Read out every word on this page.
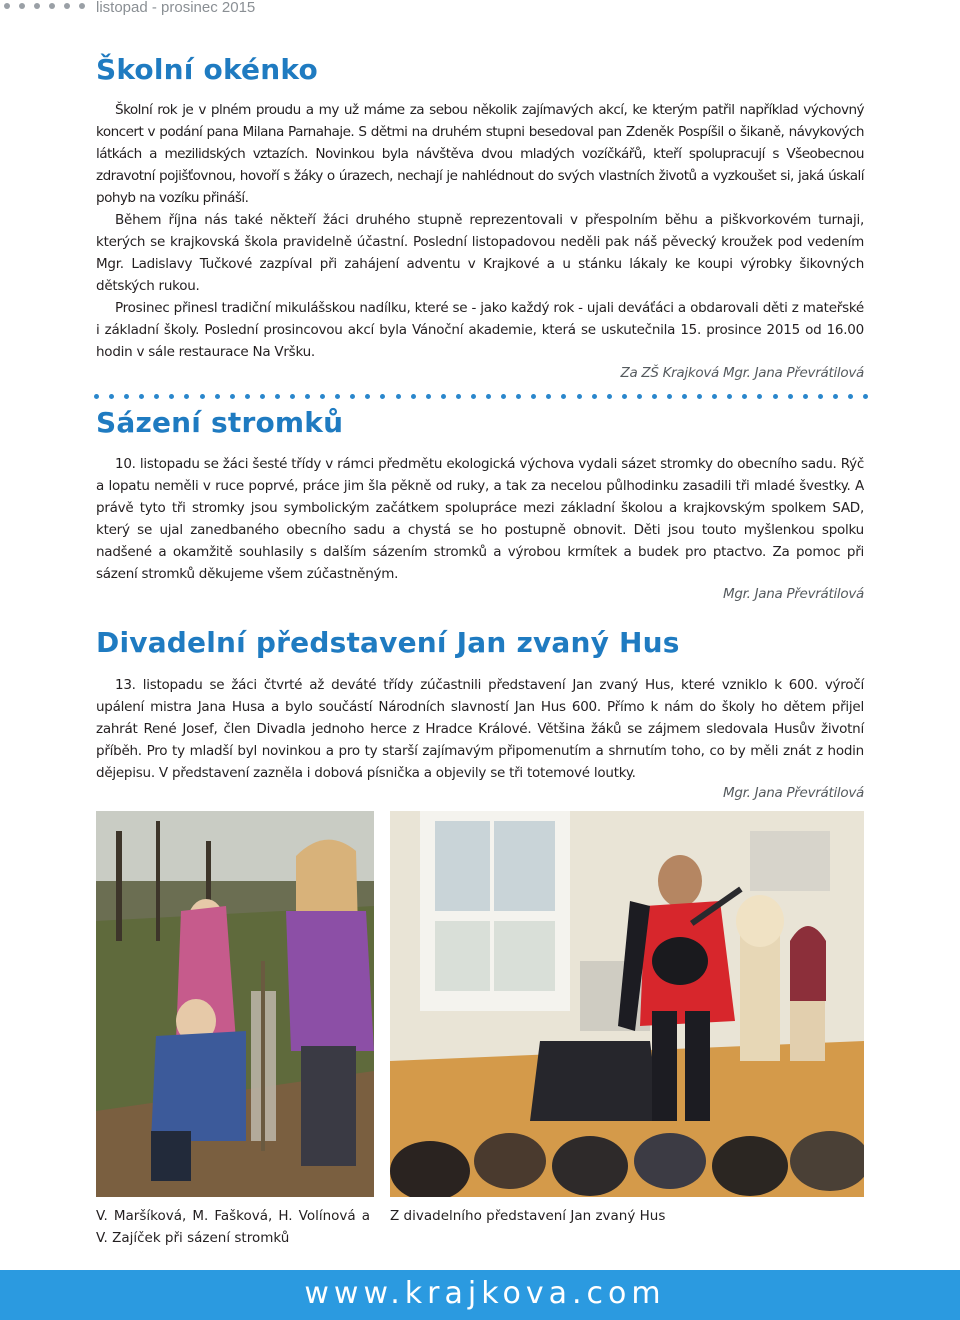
listopad - prosinec 2015
Školní okénko

Školní rok je v plném proudu a my už máme za sebou několik zajímavých akcí, ke kterým patřil například výchovný koncert v podání pana Milana Parnahaje. S dětmi na druhém stupni besedoval pan Zdeněk Pospíšil o šikaně, návykových látkách a mezilidských vztazích. Novinkou byla návštěva dvou mladých vozíčkářů, kteří spolupracují s Všeobecnou zdravotní pojišťovnou, hovoří s žáky o úrazech, nechají je nahlédnout do svých vlastních životů a vyzkoušet si, jaká úskalí pohyb na vozíku přináší.

Během října nás také někteří žáci druhého stupně reprezentovali v přespolním běhu a piškvorkovém turnaji, kterých se krajkovská škola pravidelně účastní. Poslední listopadovou neděli pak náš pěvecký kroužek pod vedením Mgr. Ladislavy Tučkové zazpíval při zahájení adventu v Krajkové a u stánku lákaly ke koupi výrobky šikovných dětských rukou.

Prosinec přinesl tradiční mikulášskou nadílku, které se - jako každý rok - ujali deváťáci a obdarovali děti z mateřské i základní školy. Poslední prosincovou akcí byla Vánoční akademie, která se uskutečnila 15. prosince 2015 od 16.00 hodin v sále restaurace Na Vršku.

Za ZŠ Krajková Mgr. Jana Převrátilová
Sázení stromků

10. listopadu se žáci šesté třídy v rámci předmětu ekologická výchova vydali sázet stromky do obecního sadu. Rýč a lopatu neměli v ruce poprvé, práce jim šla pěkně od ruky, a tak za necelou půlhodinku zasadili tři mladé švestky. A právě tyto tři stromky jsou symbolickým začátkem spolupráce mezi základní školou a krajkovským spolkem SAD, který se ujal zanedbaného obecního sadu a chystá se ho postupně obnovit. Děti jsou touto myšlenkou spolku nadšené a okamžitě souhlasily s dalším sázením stromků a výrobou krmítek a budek pro ptactvo. Za pomoc při sázení stromků děkujeme všem zúčastněným.

Mgr. Jana Převrátilová
Divadelní představení Jan zvaný Hus

13. listopadu se žáci čtvrté až deváté třídy zúčastnili představení Jan zvaný Hus, které vzniklo k 600. výročí upálení mistra Jana Husa a bylo součástí Národních slavností Jan Hus 600. Přímo k nám do školy ho dětem přijel zahrát René Josef, člen Divadla jednoho herce z Hradce Králové. Většina žáků se zájmem sledovala Husův životní příběh. Pro ty mladší byl novinkou a pro ty starší zajímavým připomenutím a shrnutím toho, co by měli znát z hodin dějepisu. V představení zazněla i dobová písnička a objevily se tři totemové loutky.

Mgr. Jana Převrátilová
V. Maršíková, M. Fašková, H. Volínová a V. Zajíček při sázení stromků
Z divadelního představení Jan zvaný Hus
www.krajkova.com
